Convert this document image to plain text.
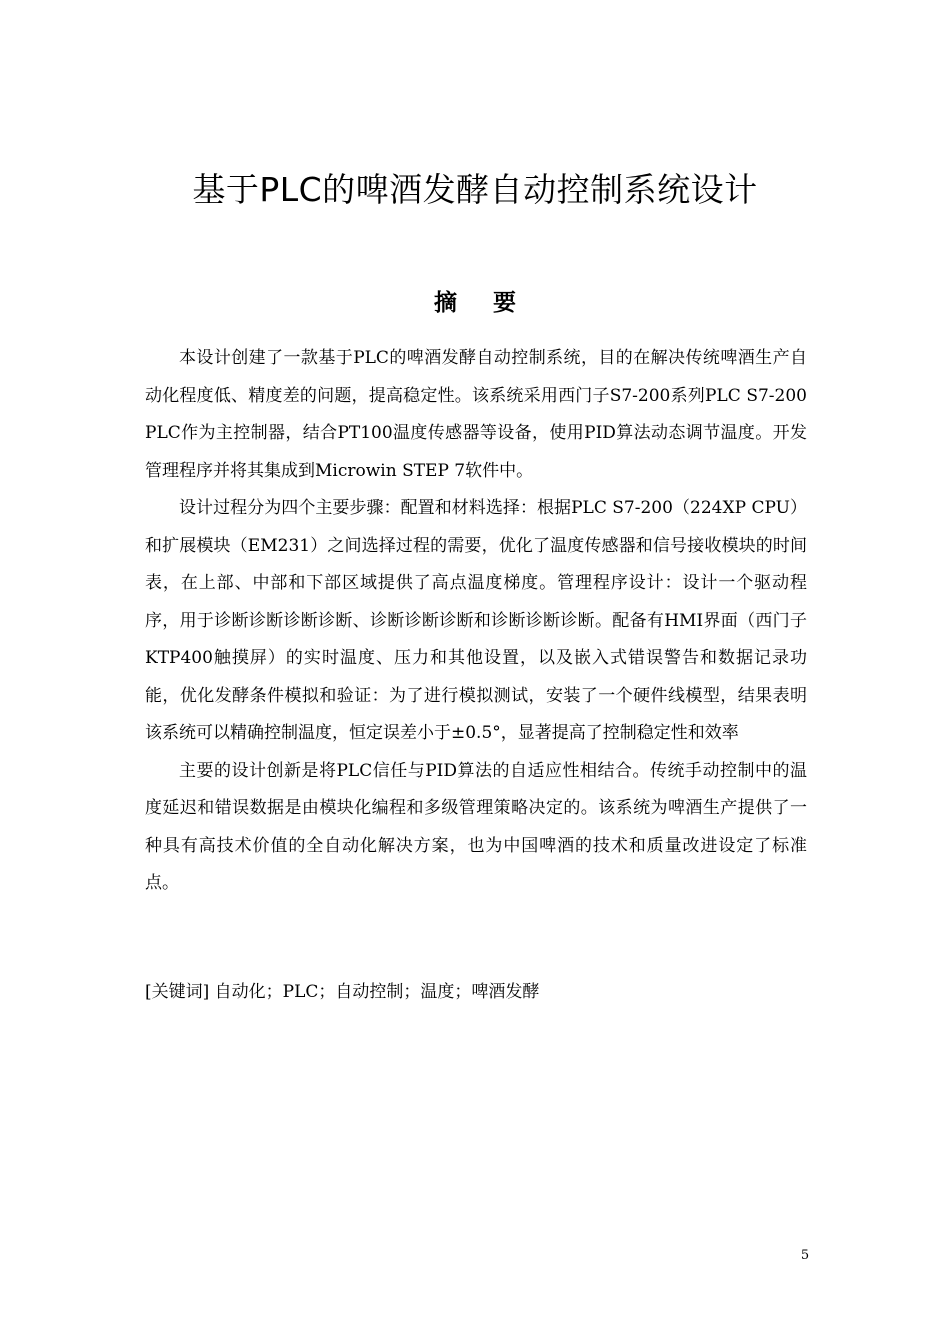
基于PLC的啤酒发酵自动控制系统设计
摘要

本设计创建了一款基于PLC的啤酒发酵自动控制系统，目的在解决传统啤酒生产自动化程度低、精度差的问题，提高稳定性。该系统采用西门子S7-200系列PLC S7-200 PLC作为主控制器，结合PT100温度传感器等设备，使用PID算法动态调节温度。开发管理程序并将其集成到Microwin STEP 7软件中。

设计过程分为四个主要步骤：配置和材料选择：根据PLC S7-200（224XP CPU）和扩展模块（EM231）之间选择过程的需要，优化了温度传感器和信号接收模块的时间表，在上部、中部和下部区域提供了高点温度梯度。管理程序设计：设计一个驱动程序，用于诊断诊断诊断诊断、诊断诊断诊断和诊断诊断诊断。配备有HMI界面（西门子KTP400触摸屏）的实时温度、压力和其他设置，以及嵌入式错误警告和数据记录功能，优化发酵条件模拟和验证：为了进行模拟测试，安装了一个硬件线模型，结果表明该系统可以精确控制温度，恒定误差小于±0.5°，显著提高了控制稳定性和效率

主要的设计创新是将PLC信任与PID算法的自适应性相结合。传统手动控制中的温度延迟和错误数据是由模块化编程和多级管理策略决定的。该系统为啤酒生产提供了一种具有高技术价值的全自动化解决方案，也为中国啤酒的技术和质量改进设定了标准点。

[关键词] 自动化；PLC；自动控制；温度；啤酒发酵
5
